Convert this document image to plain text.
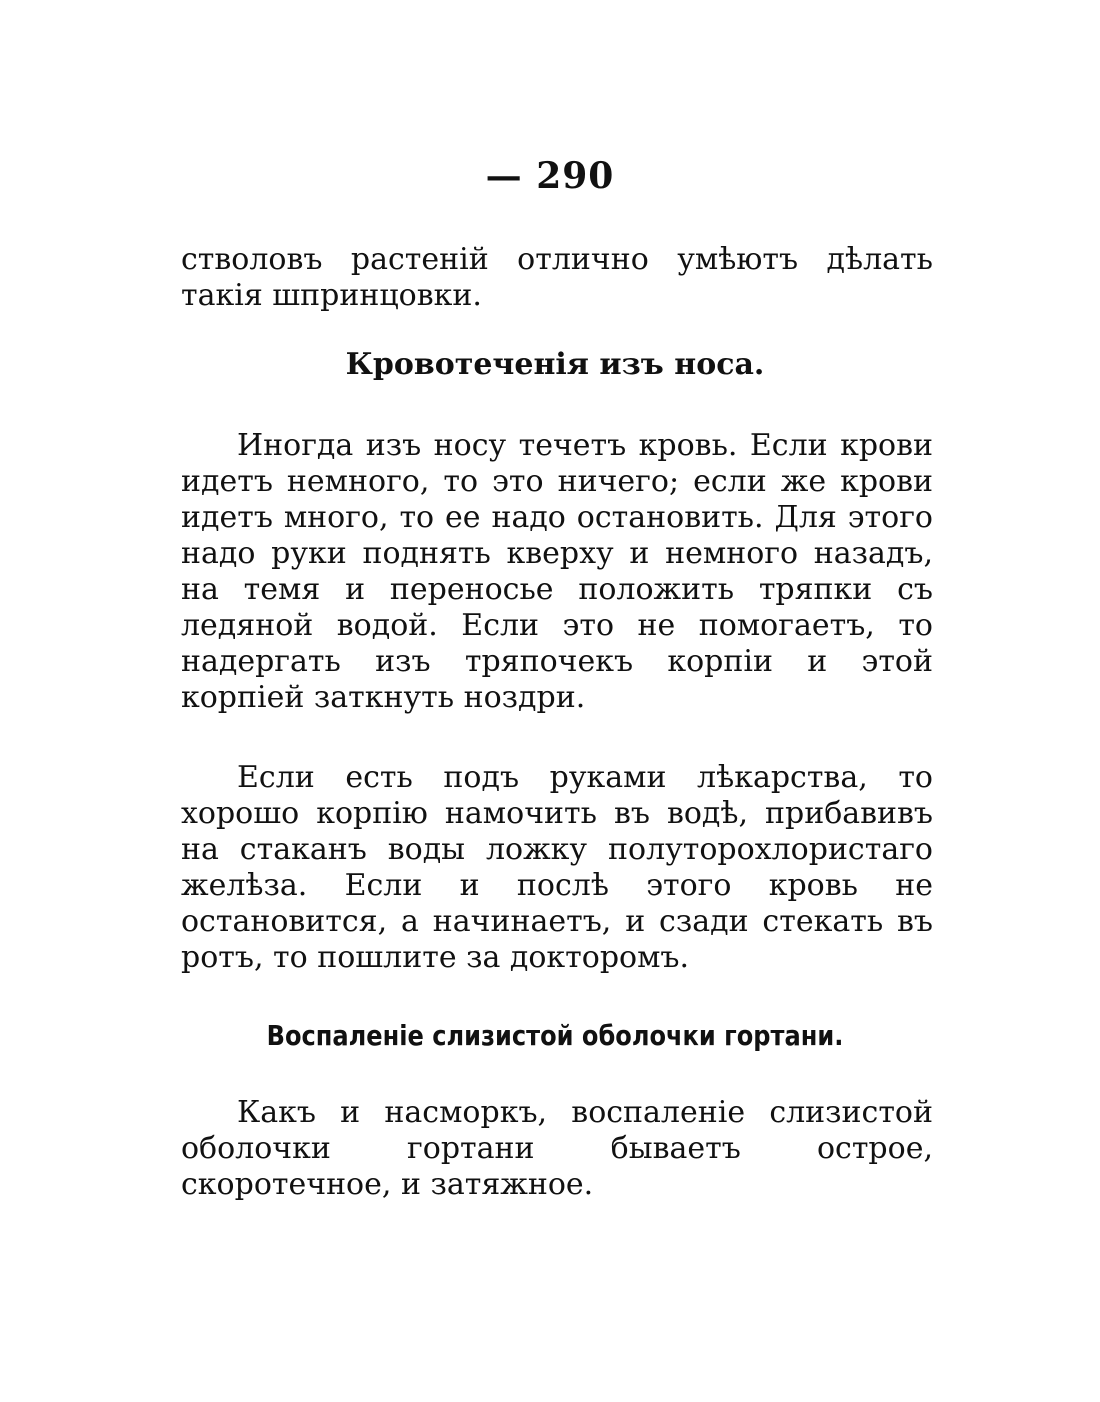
— 290

стволовъ растеній отлично умѣютъ дѣлать такія шпринцовки.

Кровотеченія изъ носа.

Иногда изъ носу течетъ кровь. Если крови идетъ немного, то это ничего; если же крови идетъ много, то ее надо остановить. Для этого надо руки поднять кверху и немного назадъ, на темя и переносье положить тряпки съ ледяной водой. Если это не помогаетъ, то надергать изъ тряпочекъ корпіи и этой корпіей заткнуть ноздри.

Если есть подъ руками лѣкарства, то хорошо корпію намочить въ водѣ, прибавивъ на стаканъ воды ложку полуторохлористаго желѣза. Если и послѣ этого кровь не остановится, а начинаетъ, и сзади стекать въ ротъ, то пошлите за докторомъ.

Воспаленіе слизистой оболочки гортани.

Какъ и насморкъ, воспаленіе слизистой оболочки гортани бываетъ острое, скоротечное, и затяжное.
